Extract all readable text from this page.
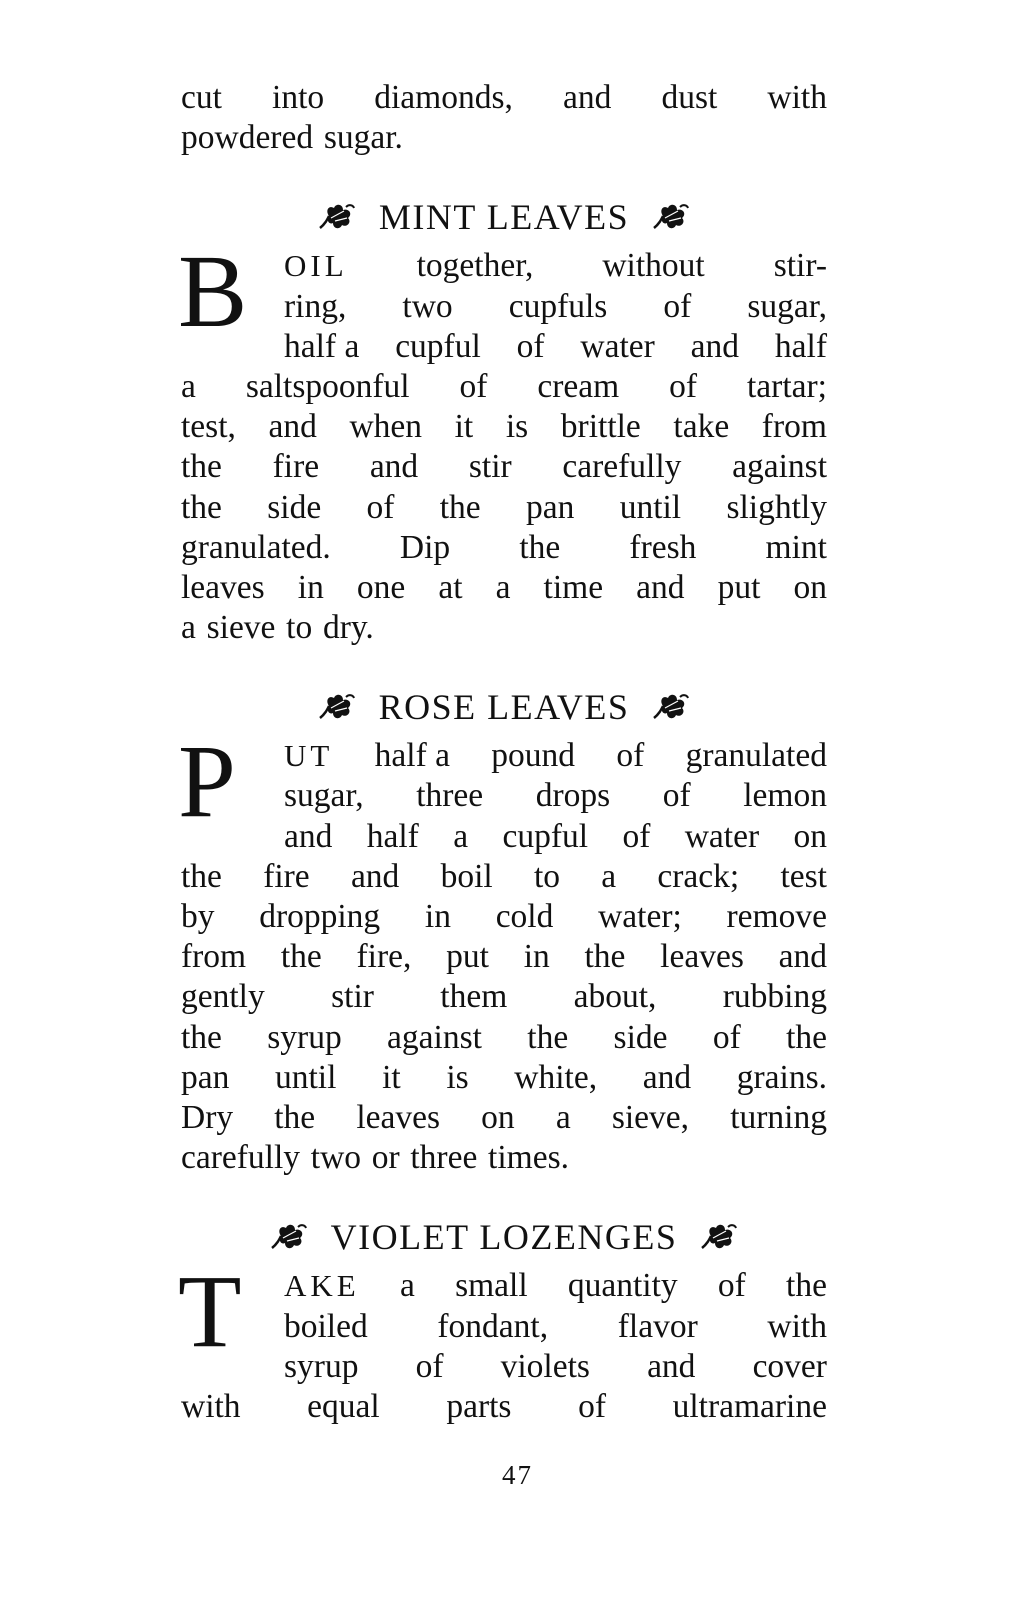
cut into diamonds, and dust with
powdered sugar.
MINT LEAVES
B OIL together, without stir-
ring, two cupfuls of sugar,
half a cupful of water and half
a saltspoonful of cream of tartar;
test, and when it is brittle take from
the fire and stir carefully against
the side of the pan until slightly
granulated. Dip the fresh mint
leaves in one at a time and put on
a sieve to dry.
ROSE LEAVES
P UT half a pound of granulated
sugar, three drops of lemon
and half a cupful of water on
the fire and boil to a crack; test
by dropping in cold water; remove
from the fire, put in the leaves and
gently stir them about, rubbing
the syrup against the side of the
pan until it is white, and grains.
Dry the leaves on a sieve, turning
carefully two or three times.
VIOLET LOZENGES
T AKE a small quantity of the
boiled fondant, flavor with
syrup of violets and cover
with equal parts of ultramarine
47
